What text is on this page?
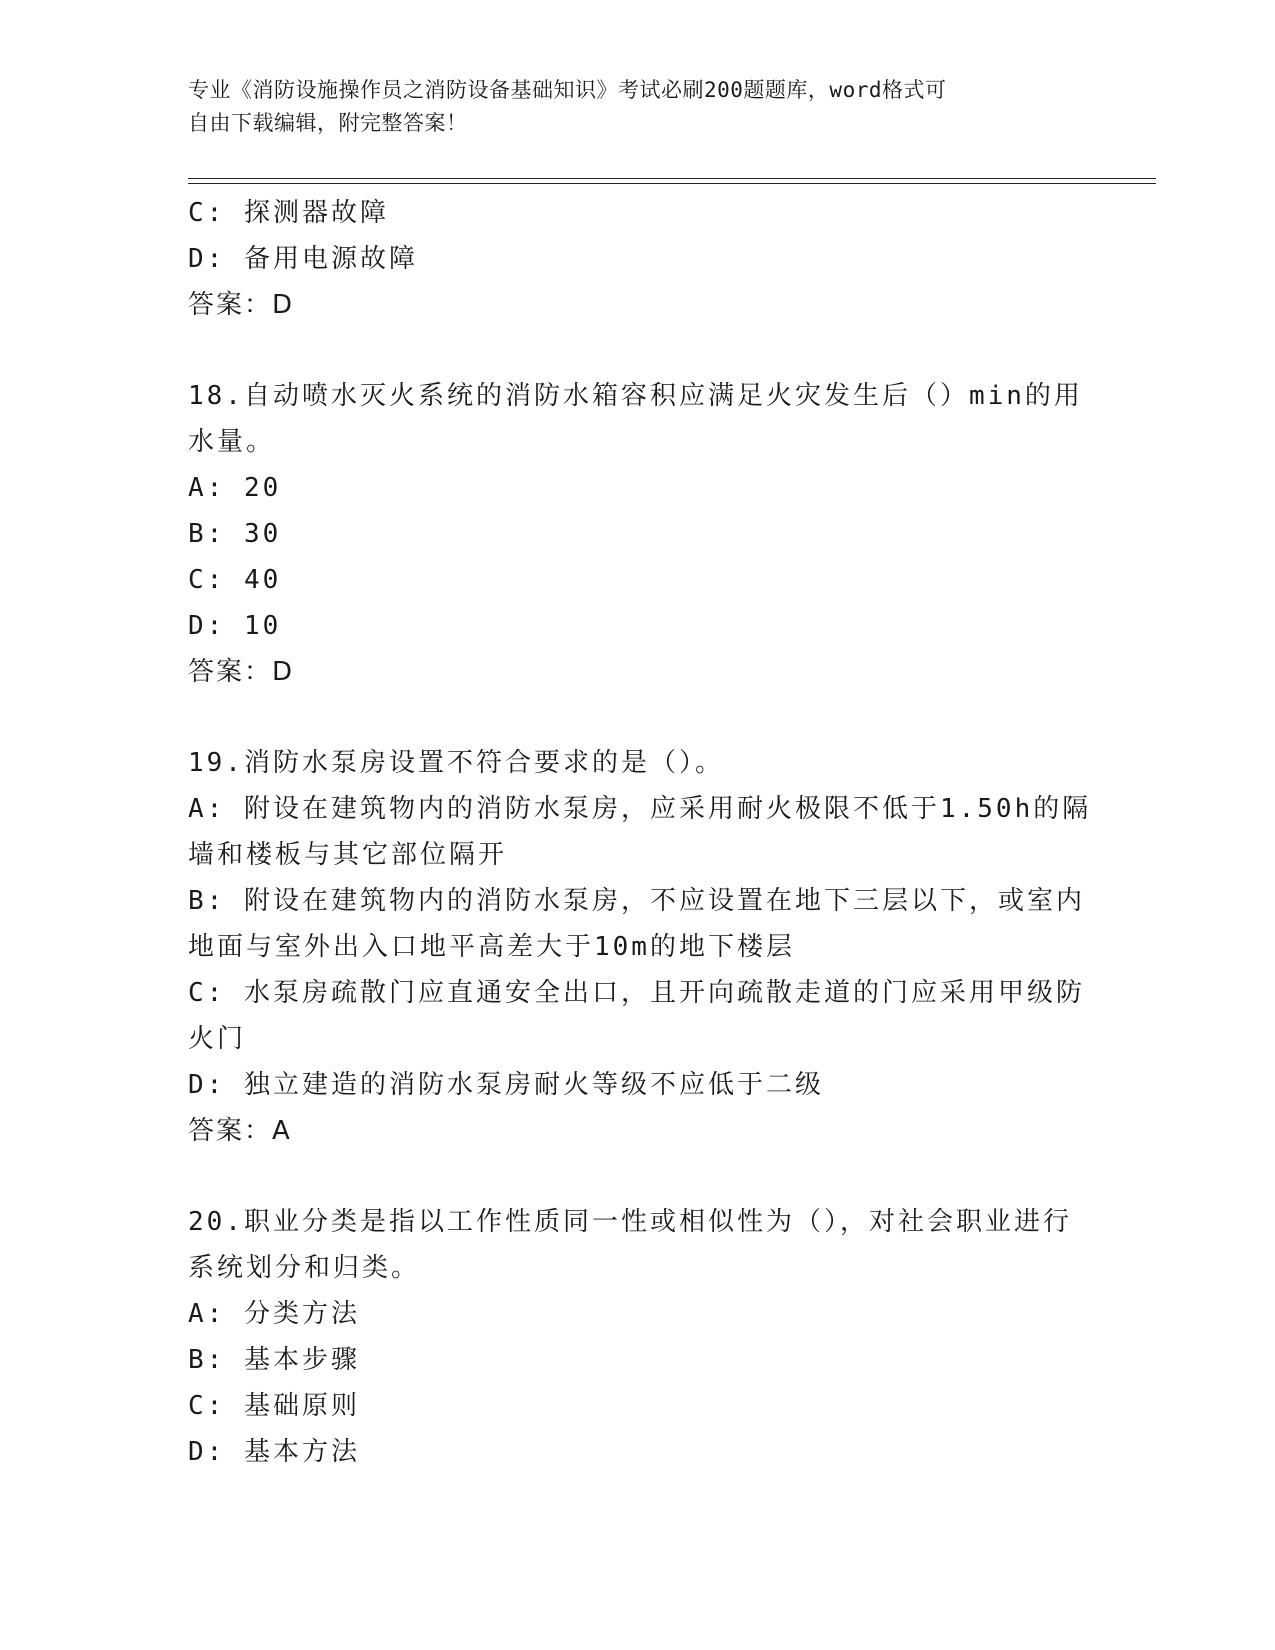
专业《消防设施操作员之消防设备基础知识》考试必刷200题题库，word格式可
自由下载编辑，附完整答案！
C: 探测器故障
D: 备用电源故障
答案：D
18.自动喷水灭火系统的消防水箱容积应满足火灾发生后（）min的用
水量。
A: 20
B: 30
C: 40
D: 10
答案：D
19.消防水泵房设置不符合要求的是（）。
A: 附设在建筑物内的消防水泵房，应采用耐火极限不低于1.50h的隔
墙和楼板与其它部位隔开
B: 附设在建筑物内的消防水泵房，不应设置在地下三层以下，或室内
地面与室外出入口地平高差大于10m的地下楼层
C: 水泵房疏散门应直通安全出口，且开向疏散走道的门应采用甲级防
火门
D: 独立建造的消防水泵房耐火等级不应低于二级
答案：A
20.职业分类是指以工作性质同一性或相似性为（），对社会职业进行
系统划分和归类。
A: 分类方法
B: 基本步骤
C: 基础原则
D: 基本方法
